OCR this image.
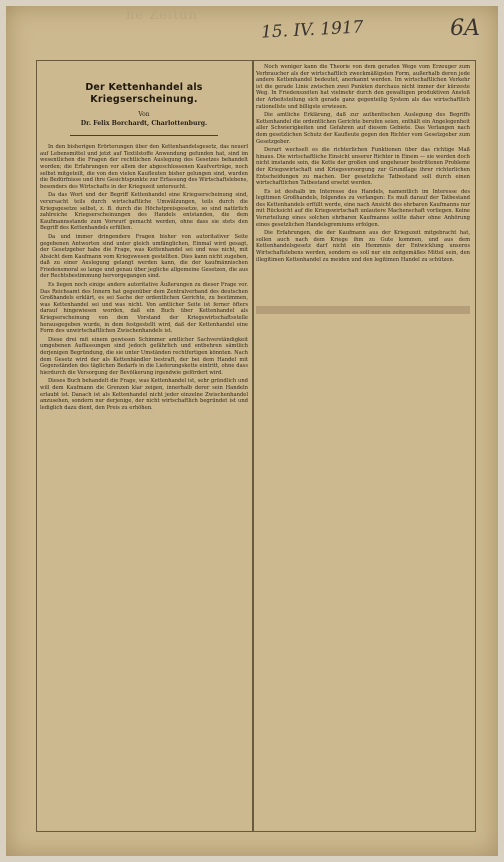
he Zeitun
15. IV. 1917	6A
Der Kettenhandel als Kriegserscheinung.
Von
Dr. Felix Borchardt, Charlottenburg.

In den bisherigen Erörterungen über den Kettenhandelsgesetz, das neuerl auf Lebensmittel und jetzt auf Textilstoffe Anwendung gefunden hat, sind im wesentlichen die Fragen der rechtlichen Auslegung des Gesetzes behandelt worden; die Erfahrungen vor allem der abgeschlossenen Kaufverträge, noch selbst mitgeteilt, die von den vielen Kaufleuten bisher gelungen sind, wurden die Bedürfnisse und ihre Gesichtspunkte zur Erfassung des Wirtschaftslebens, besonders des Wirtschafts in der Kriegszeit untersucht.

Da das Wort und der Begriff Kettenhandel eine Kriegserscheinung sind, verursacht teils durch wirtschaftliche Umwälzungen, teils durch die Kriegsgesetze selbst, z. B. durch die Höchstpreisgesetze, so sind natürlich zahlreiche Kriegserscheinungen des Handels entstanden, die dem Kaufmannsstande zum Vorwurf gemacht werden, ohne dass sie stets den Begriff des Kettenhandels erfüllen.

Da und immer dringendere Fragen bisher von autoritativer Seite gegebenen Antworten sind unter gleich umfänglichen, Einmal wird gesagt, der Gesetzgeber habe die Frage, was Kettenhandel sei und was nicht, mit Absicht dem Kaufmann vom Kriegswesen gestellten. Dies kann nicht zugeben, daß zu einer Auslegung gelangt werden kann, die der kaufmännischen Friedensmoral so lange und genau über jegliche allgemeine Gesetzen, die aus der Rechtsbestimmung hervorgegangen sind.

Es liegen noch einige andere autoritative Äußerungen zu dieser Frage vor. Das Reichsamt des Innern hat gegenüber dem Zentralverband des deutschen Großhandels erklärt, es sei Sache der ordentlichen Gerichte, zu bestimmen, was Kettenhandel sei und was nicht. Von amtlicher Seite ist ferner öfters darauf hingewiesen worden, daß ein Buch über Kettenhandel als Kriegserscheinung von dem Vorstand der Kriegswirtschaftsstelle herausgegeben wurde, in dem festgestellt wird, daß der Kettenhandel eine Form des unwirtschaftlichen Zwischenhandels ist.

Diese drei mit einem gewissen Schimmer amtlicher Sachverständigkeit umgebenen Auffassungen sind jedoch gefährlich und entbehren sämtlich derjenigen Begründung, die sie unter Umständen rechtfertigen könnten. Nach dem Gesetz wird der als Kettenhändler bestraft, der bei dem Handel mit Gegenständen des täglichen Bedarfs in die Lieferungskette eintritt, ohne dass hierdurch die Versorgung der Bevölkerung irgendwie gefördert wird.

Dieses Buch behandelt die Frage, was Kettenhandel ist, sehr gründlich und will dem Kaufmann die Grenzen klar zeigen, innerhalb derer sein Handeln erlaubt ist. Danach ist als Kettenhandel nicht jeder einzelne Zwischenhandel anzusehen, sondern nur derjenige, der nicht wirtschaftlich begründet ist und lediglich dazu dient, den Preis zu erhöhen.

Noch weniger kann die Theorie von dem geraden Wege vom Erzeuger zum Verbraucher als der wirtschaftlich zweckmäßigsten Form, außerhalb deren jede andere Kettenhandel bedeutet, anerkannt werden. Im wirtschaftlichen Verkehr ist die gerade Linie zwischen zwei Punkten durchaus nicht immer der kürzeste Weg. In Friedenszeiten hat vielmehr durch den gewaltigen produktiven Anstoß der Arbeitsteilung sich gerade ganz gegenteilig System als das wirtschaftlich rationellste und billigste erwiesen.

Die amtliche Erklärung, daß zur authentischen Auslegung des Begriffs Kettenhandel die ordentlichen Gerichte berufen seien, enthält ein Angelegenheit aller Schwierigkeiten und Gefahren auf diesem Gebiete. Das Verlangen nach dem gesetzlichen Schutz der Kaufleute gegen den Richter vom Gesetzgeber zum Gesetzgeber.

Derart wechselt es die richterlichen Funktionen über das richtige Maß hinaus. Die wirtschaftliche Einsicht unserer Richter in Einem — sie werden doch nicht imstande sein, die Kette der großen und ungeheuer bestrittenen Probleme der Kriegswirtschaft und Kriegsversorgung zur Grundlage ihrer richterlichen Entscheidungen zu machen. Der gesetzliche Tatbestand soll durch einen wirtschaftlichen Tatbestand ersetzt werden.

Es ist deshalb im Interesse des Handels, namentlich im Interesse des legitimen Großhandels, folgendes zu verlangen: Es muß darauf der Tatbestand des Kettenhandels erfüllt werde, eine nach Ansicht des ehrbaren Kaufmanns nur mit Rücksicht auf die Kriegswirtschaft unlautere Machenschaft vorliegen. Keine Verurteilung eines solchen ehrbaren Kaufmanns sollte daher ohne Anhörung eines gesetzlichen Handelsgremiums erfolgen.

Die Erfahrungen, die der Kaufmann aus der Kriegszeit mitgebracht hat, sollen auch nach dem Kriege ihm zu Gute kommen, und aus dem Kettenhandelsgesetz darf nicht ein Hemmnis der Entwicklung unseres Wirtschaftslebens werden, sondern es soll nur ein zeitgemäßes Mittel sein, den illegitimen Kettenhandel zu meiden und den legitimen Handel zu schützen.
